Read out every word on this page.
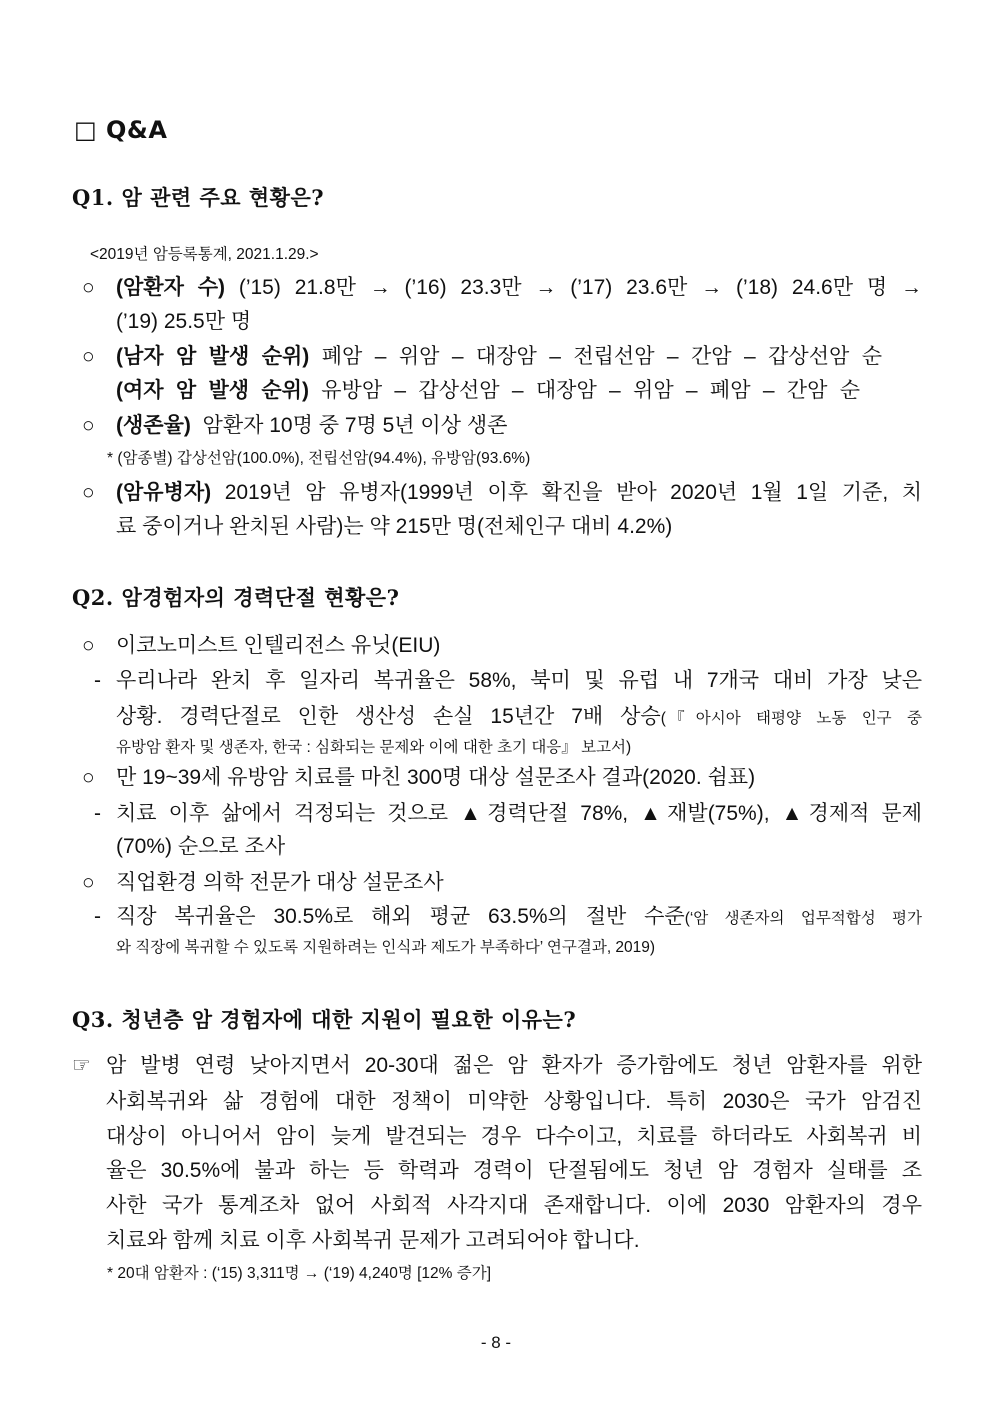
□ Q&A
Q1. 암 관련 주요 현황은?
<2019년 암등록통계, 2021.1.29.>
○ (암환자 수) (’15) 21.8만 → (’16) 23.3만 → (’17) 23.6만 → (’18) 24.6만 명 →
(’19) 25.5만 명
○ (남자 암 발생 순위) 폐암 – 위암 – 대장암 – 전립선암 – 간암 – 갑상선암 순
(여자 암 발생 순위) 유방암 – 갑상선암 – 대장암 – 위암 – 폐암 – 간암 순
○ (생존율)  암환자 10명 중 7명 5년 이상 생존
* (암종별) 갑상선암(100.0%), 전립선암(94.4%), 유방암(93.6%)
○ (암유병자) 2019년 암 유병자(1999년 이후 확진을 받아 2020년 1월 1일 기준, 치
료 중이거나 완치된 사람)는 약 215만 명(전체인구 대비 4.2%)
Q2. 암경험자의 경력단절 현황은?
○ 이코노미스트 인텔리전스 유닛(EIU)
- 우리나라 완치 후 일자리 복귀율은 58%, 북미 및 유럽 내 7개국 대비 가장 낮은
상황. 경력단절로 인한 생산성 손실 15년간 7배 상승(『아시아 태평양 노동 인구 중
유방암 환자 및 생존자, 한국 : 심화되는 문제와 이에 대한 초기 대응』 보고서)
○ 만 19~39세 유방암 치료를 마친 300명 대상 설문조사 결과(2020. 쉼표)
- 치료 이후 삶에서 걱정되는 것으로 ▲경력단절 78%, ▲재발(75%), ▲경제적 문제
(70%) 순으로 조사
○ 직업환경 의학 전문가 대상 설문조사
- 직장 복귀율은 30.5%로 해외 평균 63.5%의 절반 수준(‘암 생존자의 업무적합성 평가
와 직장에 복귀할 수 있도록 지원하려는 인식과 제도가 부족하다’ 연구결과, 2019)
Q3. 청년층 암 경험자에 대한 지원이 필요한 이유는?
☞ 암 발병 연령 낮아지면서 20-30대 젊은 암 환자가 증가함에도 청년 암환자를 위한
사회복귀와 삶 경험에 대한 정책이 미약한 상황입니다. 특히 2030은 국가 암검진
대상이 아니어서 암이 늦게 발견되는 경우 다수이고, 치료를 하더라도 사회복귀 비
율은 30.5%에 불과 하는 등 학력과 경력이 단절됨에도 청년 암 경험자 실태를 조
사한 국가 통계조차 없어 사회적 사각지대 존재합니다. 이에 2030 암환자의 경우
치료와 함께 치료 이후 사회복귀 문제가 고려되어야 합니다.
* 20대 암환자 : (‘15) 3,311명 → (‘19) 4,240명 [12% 증가]
- 8 -
